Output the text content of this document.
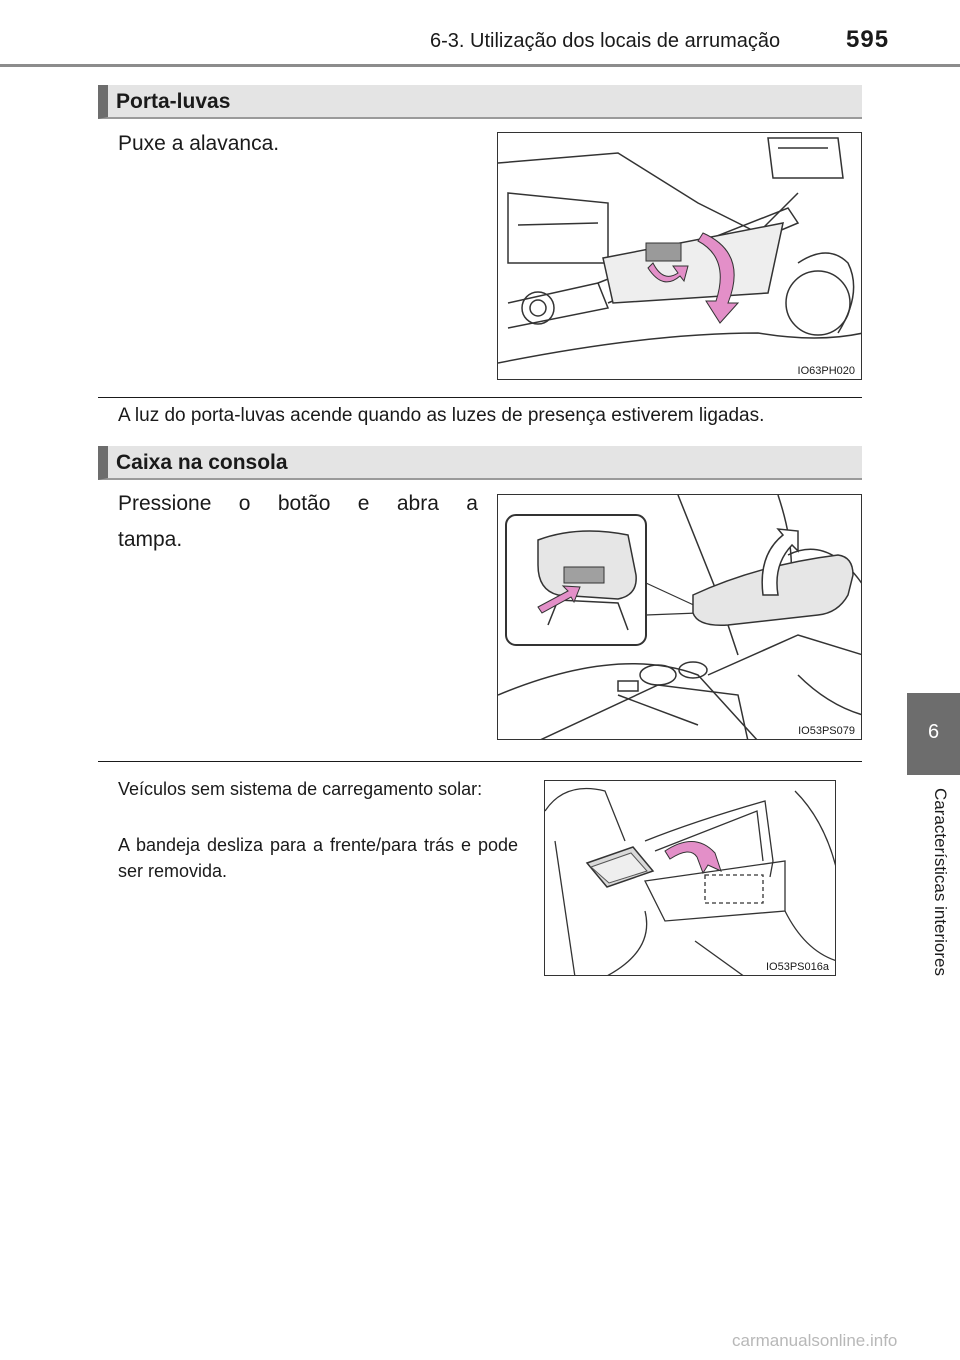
6-3. Utilização dos locais de arrumação	595
Porta-luvas
Puxe a alavanca.
IO63PH020
A luz do porta-luvas acende quando as luzes de presença estiverem ligadas.
Caixa na consola
Pressione o botão e abra a tampa.
IO53PS079
Veículos sem sistema de carregamento solar:
A bandeja desliza para a frente/para trás e pode ser removida.
IO53PS016a
6
Características interiores
carmanualsonline.info
